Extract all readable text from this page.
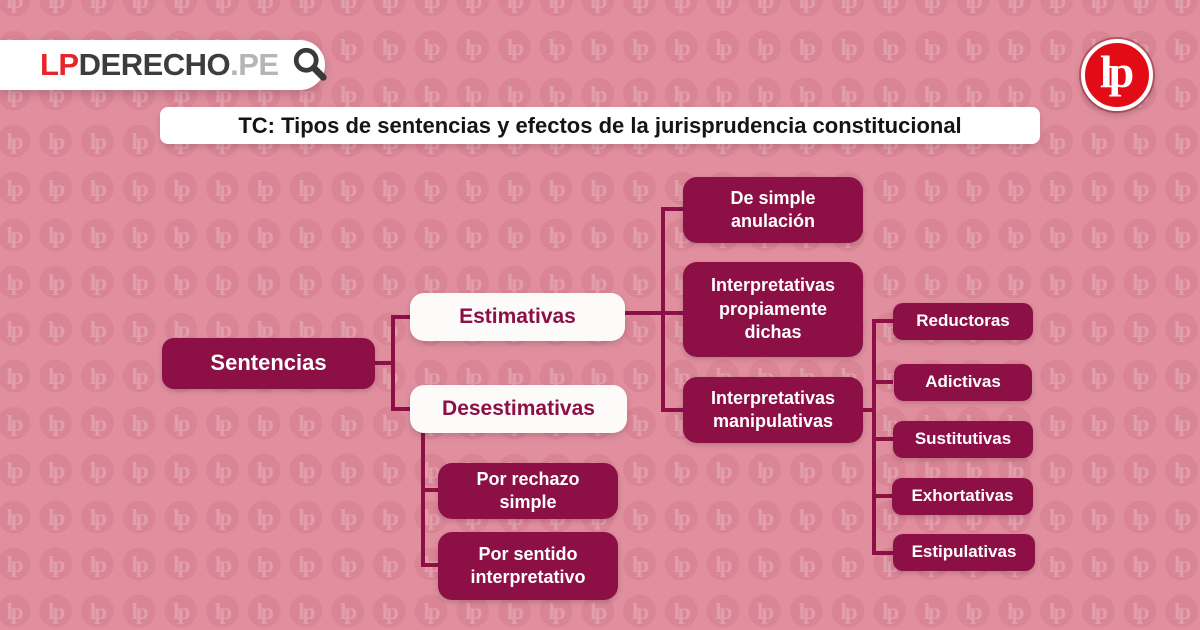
LPDERECHO.PE	lp
TC: Tipos de sentencias y efectos de la jurisprudencia constitucional
Sentencias
Estimativas
Desestimativas
De simple anulación
Interpretativas propiamente dichas
Interpretativas manipulativas
Reductoras
Adictivas
Sustitutivas
Exhortativas
Estipulativas
Por rechazo simple
Por sentido interpretativo
